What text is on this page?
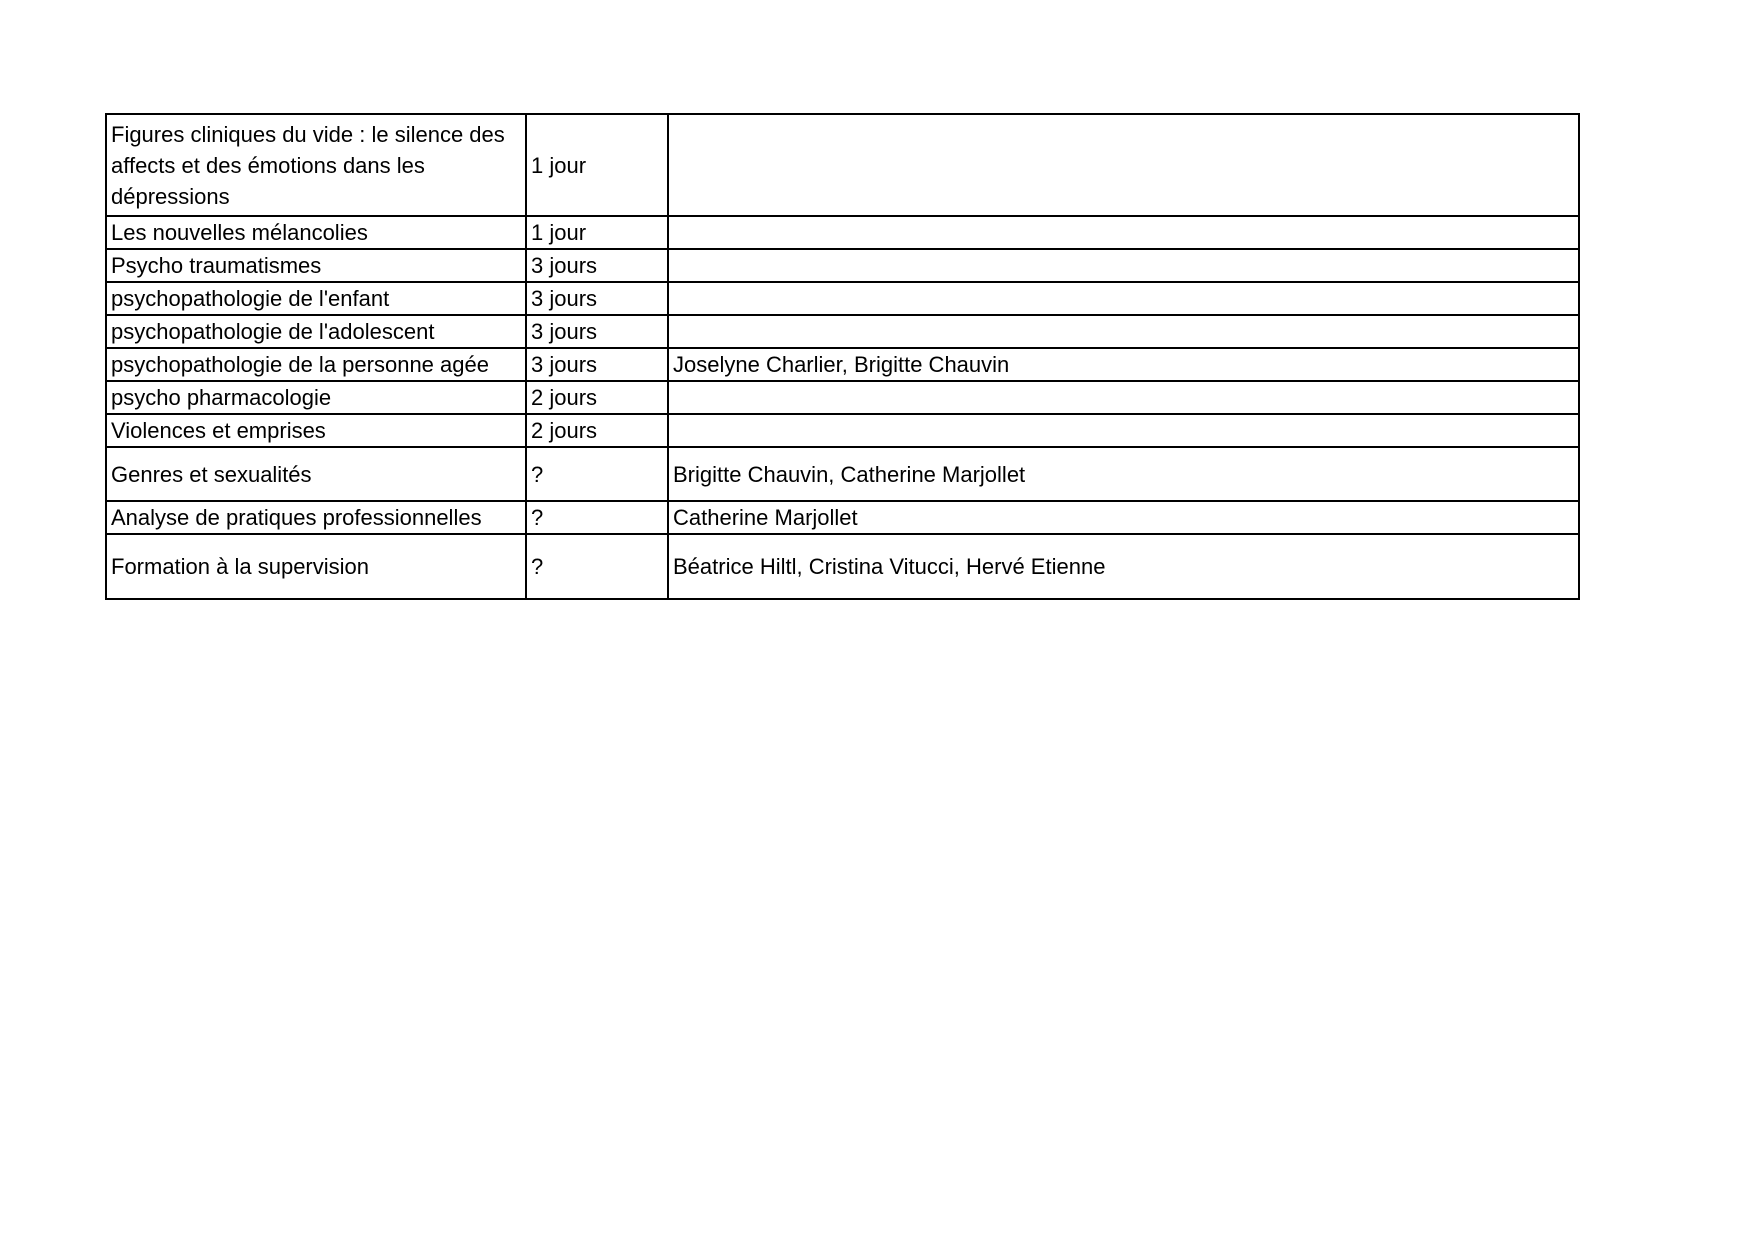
Figures cliniques du vide : le silence des affects et des émotions dans les dépressions	1 jour	
Les nouvelles mélancolies	1 jour	
Psycho traumatismes	3 jours	
psychopathologie de l'enfant	3 jours	
psychopathologie de l'adolescent	3 jours	
psychopathologie de la personne agée	3 jours	Joselyne Charlier, Brigitte Chauvin
psycho pharmacologie	2 jours	
Violences et emprises	2 jours	
Genres et sexualités	?	Brigitte Chauvin, Catherine Marjollet
Analyse de pratiques professionnelles	?	Catherine Marjollet
Formation à la supervision	?	Béatrice Hiltl, Cristina Vitucci, Hervé Etienne
